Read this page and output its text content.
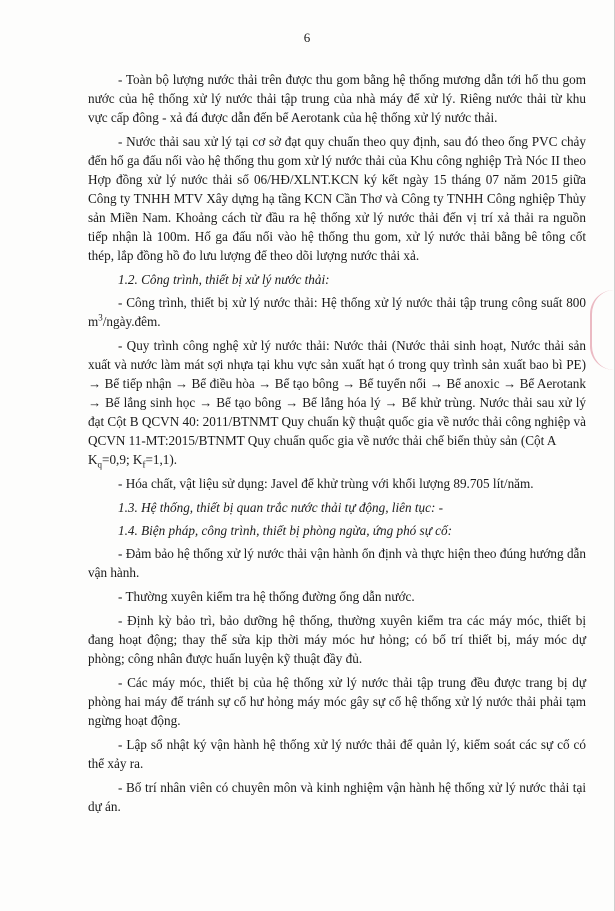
6

- Toàn bộ lượng nước thải trên được thu gom bằng hệ thống mương dẫn tới hố thu gom nước của hệ thống xử lý nước thải tập trung của nhà máy để xử lý. Riêng nước thải từ khu vực cấp đông - xả đá được dẫn đến bể Aerotank của hệ thống xử lý nước thải.

- Nước thải sau xử lý tại cơ sở đạt quy chuẩn theo quy định, sau đó theo ống PVC chảy đến hố ga đấu nối vào hệ thống thu gom xử lý nước thải của Khu công nghiệp Trà Nóc II theo Hợp đồng xử lý nước thải số 06/HĐ/XLNT.KCN ký kết ngày 15 tháng 07 năm 2015 giữa Công ty TNHH MTV Xây dựng hạ tầng KCN Cần Thơ và Công ty TNHH Công nghiệp Thủy sản Miền Nam. Khoảng cách từ đầu ra hệ thống xử lý nước thải đến vị trí xả thải ra nguồn tiếp nhận là 100m. Hố ga đấu nối vào hệ thống thu gom, xử lý nước thải bằng bê tông cốt thép, lắp đồng hồ đo lưu lượng để theo dõi lượng nước thải xả.

1.2. Công trình, thiết bị xử lý nước thải:

- Công trình, thiết bị xử lý nước thải: Hệ thống xử lý nước thải tập trung công suất 800 $m^3/ngày.đêm$.

- Quy trình công nghệ xử lý nước thải: Nước thải (Nước thải sinh hoạt, Nước thải sản xuất và nước làm mát sợi nhựa tại khu vực sản xuất hạt ó trong quy trình sản xuất bao bì PE) → Bể tiếp nhận → Bể điều hòa → Bể tạo bông → Bể tuyển nổi → Bể anoxic → Bể Aerotank → Bể lắng sinh học → Bể tạo bông → Bể lắng hóa lý → Bể khử trùng. Nước thải sau xử lý đạt Cột B QCVN 40: 2011/BTNMT Quy chuẩn kỹ thuật quốc gia về nước thải công nghiệp và QCVN 11-MT:2015/BTNMT Quy chuẩn quốc gia về nước thải chế biến thủy sản (Cột A

$K_q=0,9$; $K_f=1,1$).

- Hóa chất, vật liệu sử dụng: Javel để khử trùng với khối lượng 89.705 lít/năm.

1.3. Hệ thống, thiết bị quan trắc nước thải tự động, liên tục: -

1.4. Biện pháp, công trình, thiết bị phòng ngừa, ứng phó sự cố:

- Đảm bảo hệ thống xử lý nước thải vận hành ổn định và thực hiện theo đúng hướng dẫn vận hành.

- Thường xuyên kiểm tra hệ thống đường ống dẫn nước.

- Định kỳ bảo trì, bảo dưỡng hệ thống, thường xuyên kiểm tra các máy móc, thiết bị đang hoạt động; thay thế sửa kịp thời máy móc hư hỏng; có bố trí thiết bị, máy móc dự phòng; công nhân được huấn luyện kỹ thuật đầy đủ.

- Các máy móc, thiết bị của hệ thống xử lý nước thải tập trung đều được trang bị dự phòng hai máy để tránh sự cố hư hỏng máy móc gây sự cố hệ thống xử lý nước thải phải tạm ngừng hoạt động.

- Lập sổ nhật ký vận hành hệ thống xử lý nước thải để quản lý, kiểm soát các sự cố có thể xảy ra.

- Bố trí nhân viên có chuyên môn và kinh nghiệm vận hành hệ thống xử lý nước thải tại dự án.
